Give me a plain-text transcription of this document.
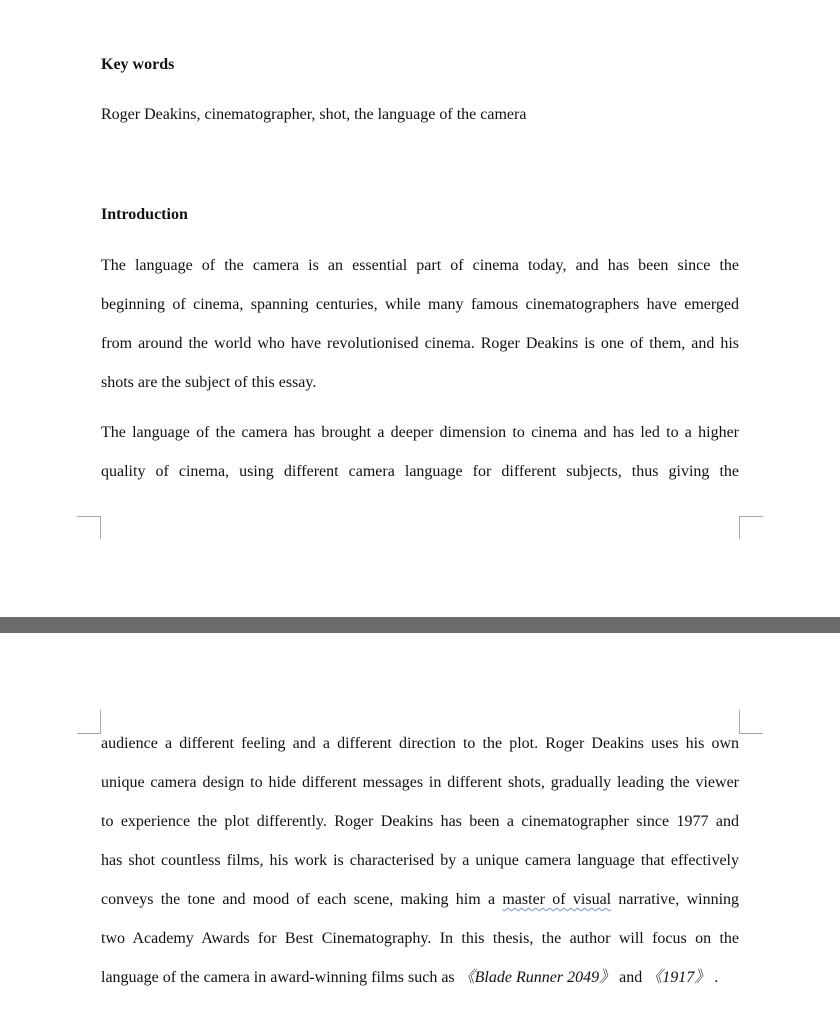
Key words
Roger Deakins, cinematographer, shot, the language of the camera
Introduction
The language of the camera is an essential part of cinema today, and has been since the
beginning of cinema, spanning centuries, while many famous cinematographers have emerged
from around the world who have revolutionised cinema. Roger Deakins is one of them, and his
shots are the subject of this essay.
The language of the camera has brought a deeper dimension to cinema and has led to a higher
quality of cinema, using different camera language for different subjects, thus giving the
audience a different feeling and a different direction to the plot. Roger Deakins uses his own
unique camera design to hide different messages in different shots, gradually leading the viewer
to experience the plot differently. Roger Deakins has been a cinematographer since 1977 and
has shot countless films, his work is characterised by a unique camera language that effectively
conveys the tone and mood of each scene, making him a master of visual narrative, winning
two Academy Awards for Best Cinematography. In this thesis, the author will focus on the
language of the camera in award-winning films such as 《Blade Runner 2049》 and 《1917》 .
